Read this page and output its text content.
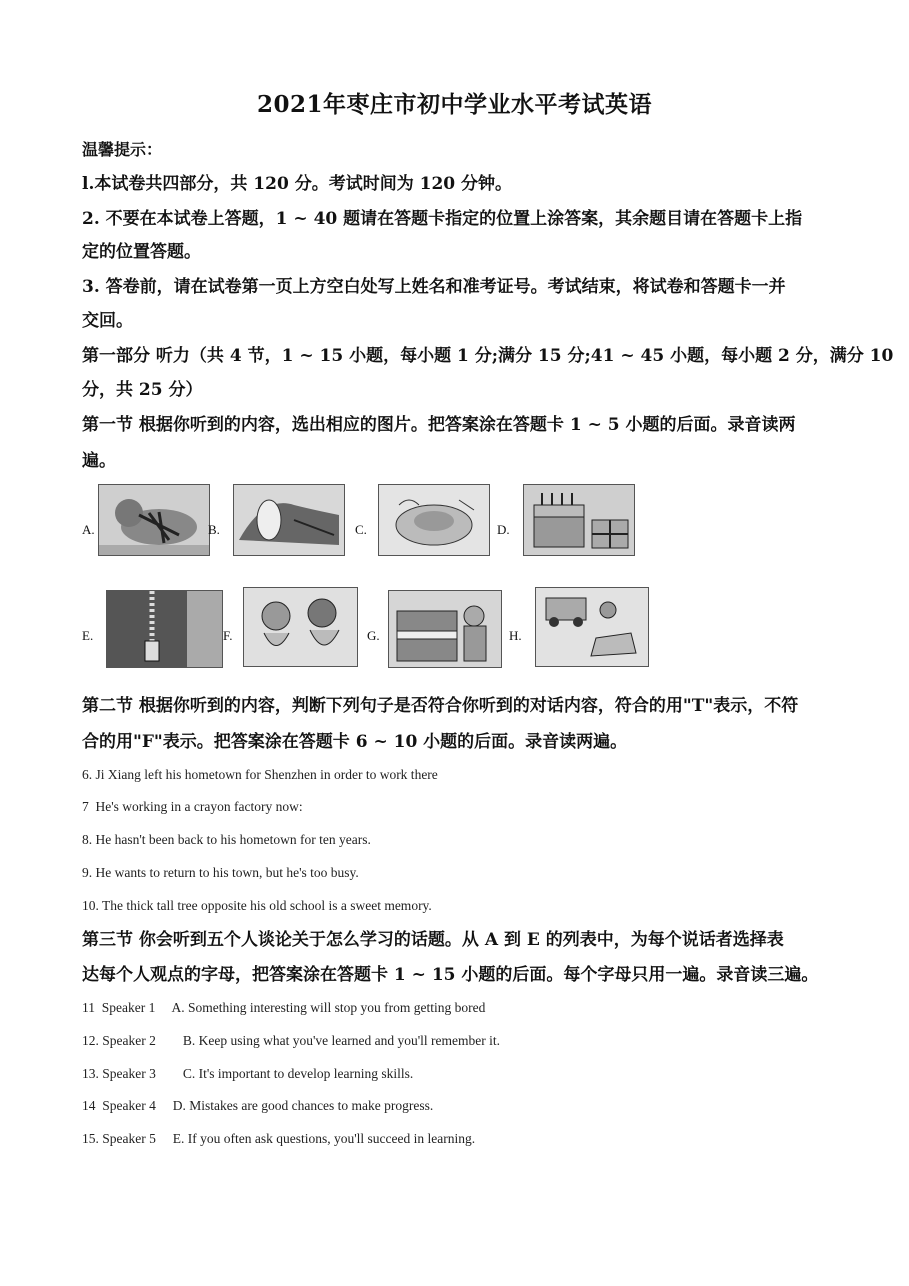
2021年枣庄市初中学业水平考试英语
温馨提示：
l.本试卷共四部分，共 120 分。考试时间为 120 分钟。
2. 不要在本试卷上答题，1 ~ 40 题请在答题卡指定的位置上涂答案，其余题目请在答题卡上指
定的位置答题。
3. 答卷前，请在试卷第一页上方空白处写上姓名和准考证号。考试结束，将试卷和答题卡一并
交回。
第一部分 听力（共 4 节，1 ~ 15 小题，每小题 1 分;满分 15 分;41 ~ 45 小题，每小题 2 分，满分 10
分，共 25 分）
第一节 根据你听到的内容，选出相应的图片。把答案涂在答题卡 1 ~ 5 小题的后面。录音读两
遍。
A.	B.	C.	D.
E.	F.	G.	H.
第二节 根据你听到的内容，判断下列句子是否符合你听到的对话内容，符合的用"T"表示，不符
合的用"F"表示。把答案涂在答题卡 6 ~ 10 小题的后面。录音读两遍。
6. Ji Xiang left his hometown for Shenzhen in order to work there
7  He's working in a crayon factory now:
8. He hasn't been back to his hometown for ten years.
9. He wants to return to his town, but he's too busy.
10. The thick tall tree opposite his old school is a sweet memory.
第三节 你会听到五个人谈论关于怎么学习的话题。从 A 到 E 的列表中，为每个说话者选择表
达每个人观点的字母，把答案涂在答题卡 1 ~ 15 小题的后面。每个字母只用一遍。录音读三遍。
11  Speaker 1     A. Something interesting will stop you from getting bored
12. Speaker 2        B. Keep using what you've learned and you'll remember it.
13. Speaker 3        C. It's important to develop learning skills.
14  Speaker 4     D. Mistakes are good chances to make progress.
15. Speaker 5     E. If you often ask questions, you'll succeed in learning.
